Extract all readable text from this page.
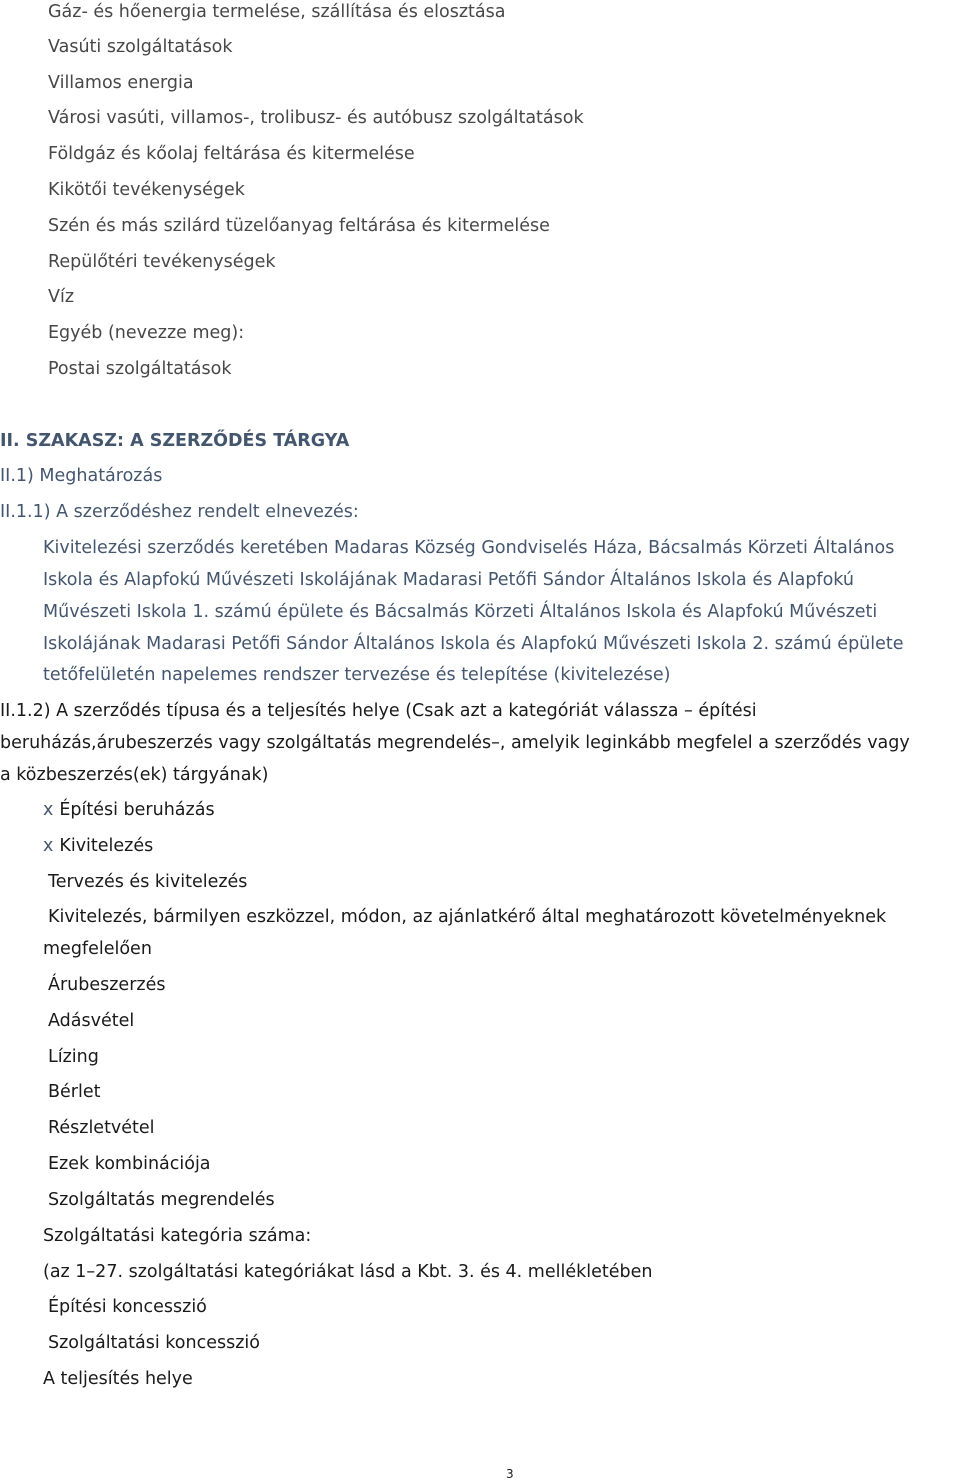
Gáz- és hőenergia termelése, szállítása és elosztása
Vasúti szolgáltatások
Villamos energia
Városi vasúti, villamos-, trolibusz- és autóbusz szolgáltatások
Földgáz és kőolaj feltárása és kitermelése
Kikötői tevékenységek
Szén és más szilárd tüzelőanyag feltárása és kitermelése
Repülőtéri tevékenységek
Víz
Egyéb (nevezze meg):
Postai szolgáltatások
II. SZAKASZ: A SZERZŐDÉS TÁRGYA
II.1) Meghatározás
II.1.1) A szerződéshez rendelt elnevezés:
Kivitelezési szerződés keretében Madaras Község Gondviselés Háza, Bácsalmás Körzeti Általános
Iskola és Alapfokú Művészeti Iskolájának Madarasi Petőfi Sándor Általános Iskola és Alapfokú
Művészeti Iskola 1. számú épülete és Bácsalmás Körzeti Általános Iskola és Alapfokú Művészeti
Iskolájának Madarasi Petőfi Sándor Általános Iskola és Alapfokú Művészeti Iskola 2. számú épülete
tetőfelületén napelemes rendszer tervezése és telepítése (kivitelezése)
II.1.2) A szerződés típusa és a teljesítés helye (Csak azt a kategóriát válassza – építési
beruházás,árubeszerzés vagy szolgáltatás megrendelés–, amelyik leginkább megfelel a szerződés vagy
a közbeszerzés(ek) tárgyának)
x Építési beruházás
x Kivitelezés
Tervezés és kivitelezés
Kivitelezés, bármilyen eszközzel, módon, az ajánlatkérő által meghatározott követelményeknek
megfelelően
Árubeszerzés
Adásvétel
Lízing
Bérlet
Részletvétel
Ezek kombinációja
Szolgáltatás megrendelés
Szolgáltatási kategória száma:
(az 1–27. szolgáltatási kategóriákat lásd a Kbt. 3. és 4. mellékletében
Építési koncesszió
Szolgáltatási koncesszió
A teljesítés helye
3
